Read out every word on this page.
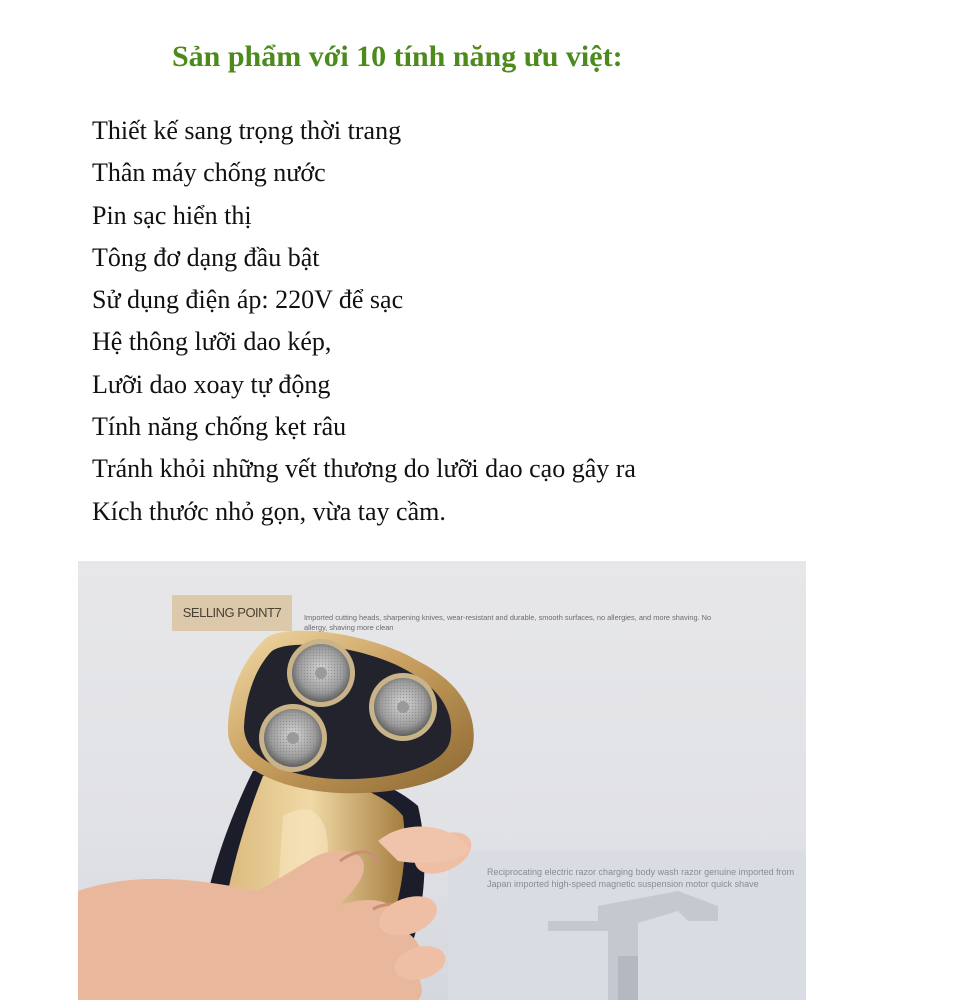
Sản phẩm với 10 tính năng ưu việt:
Thiết kế sang trọng thời trang
Thân máy chống nước
Pin sạc hiển thị
Tông đơ dạng đầu bật
Sử dụng điện áp: 220V để sạc
Hệ thông lưỡi dao kép,
Lưỡi dao xoay tự động
Tính năng chống kẹt râu
Tránh khỏi những vết thương do lưỡi dao cạo gây ra
Kích thước nhỏ gọn, vừa tay cầm.
SELLING POINT7	Imported cutting heads, sharpening knives, wear-resistant and durable, smooth surfaces, no allergies, and more shaving. No allergy, shaving more clean
Reciprocating electric razor charging body wash razor genuine imported from Japan imported high-speed magnetic suspension motor quick shave
